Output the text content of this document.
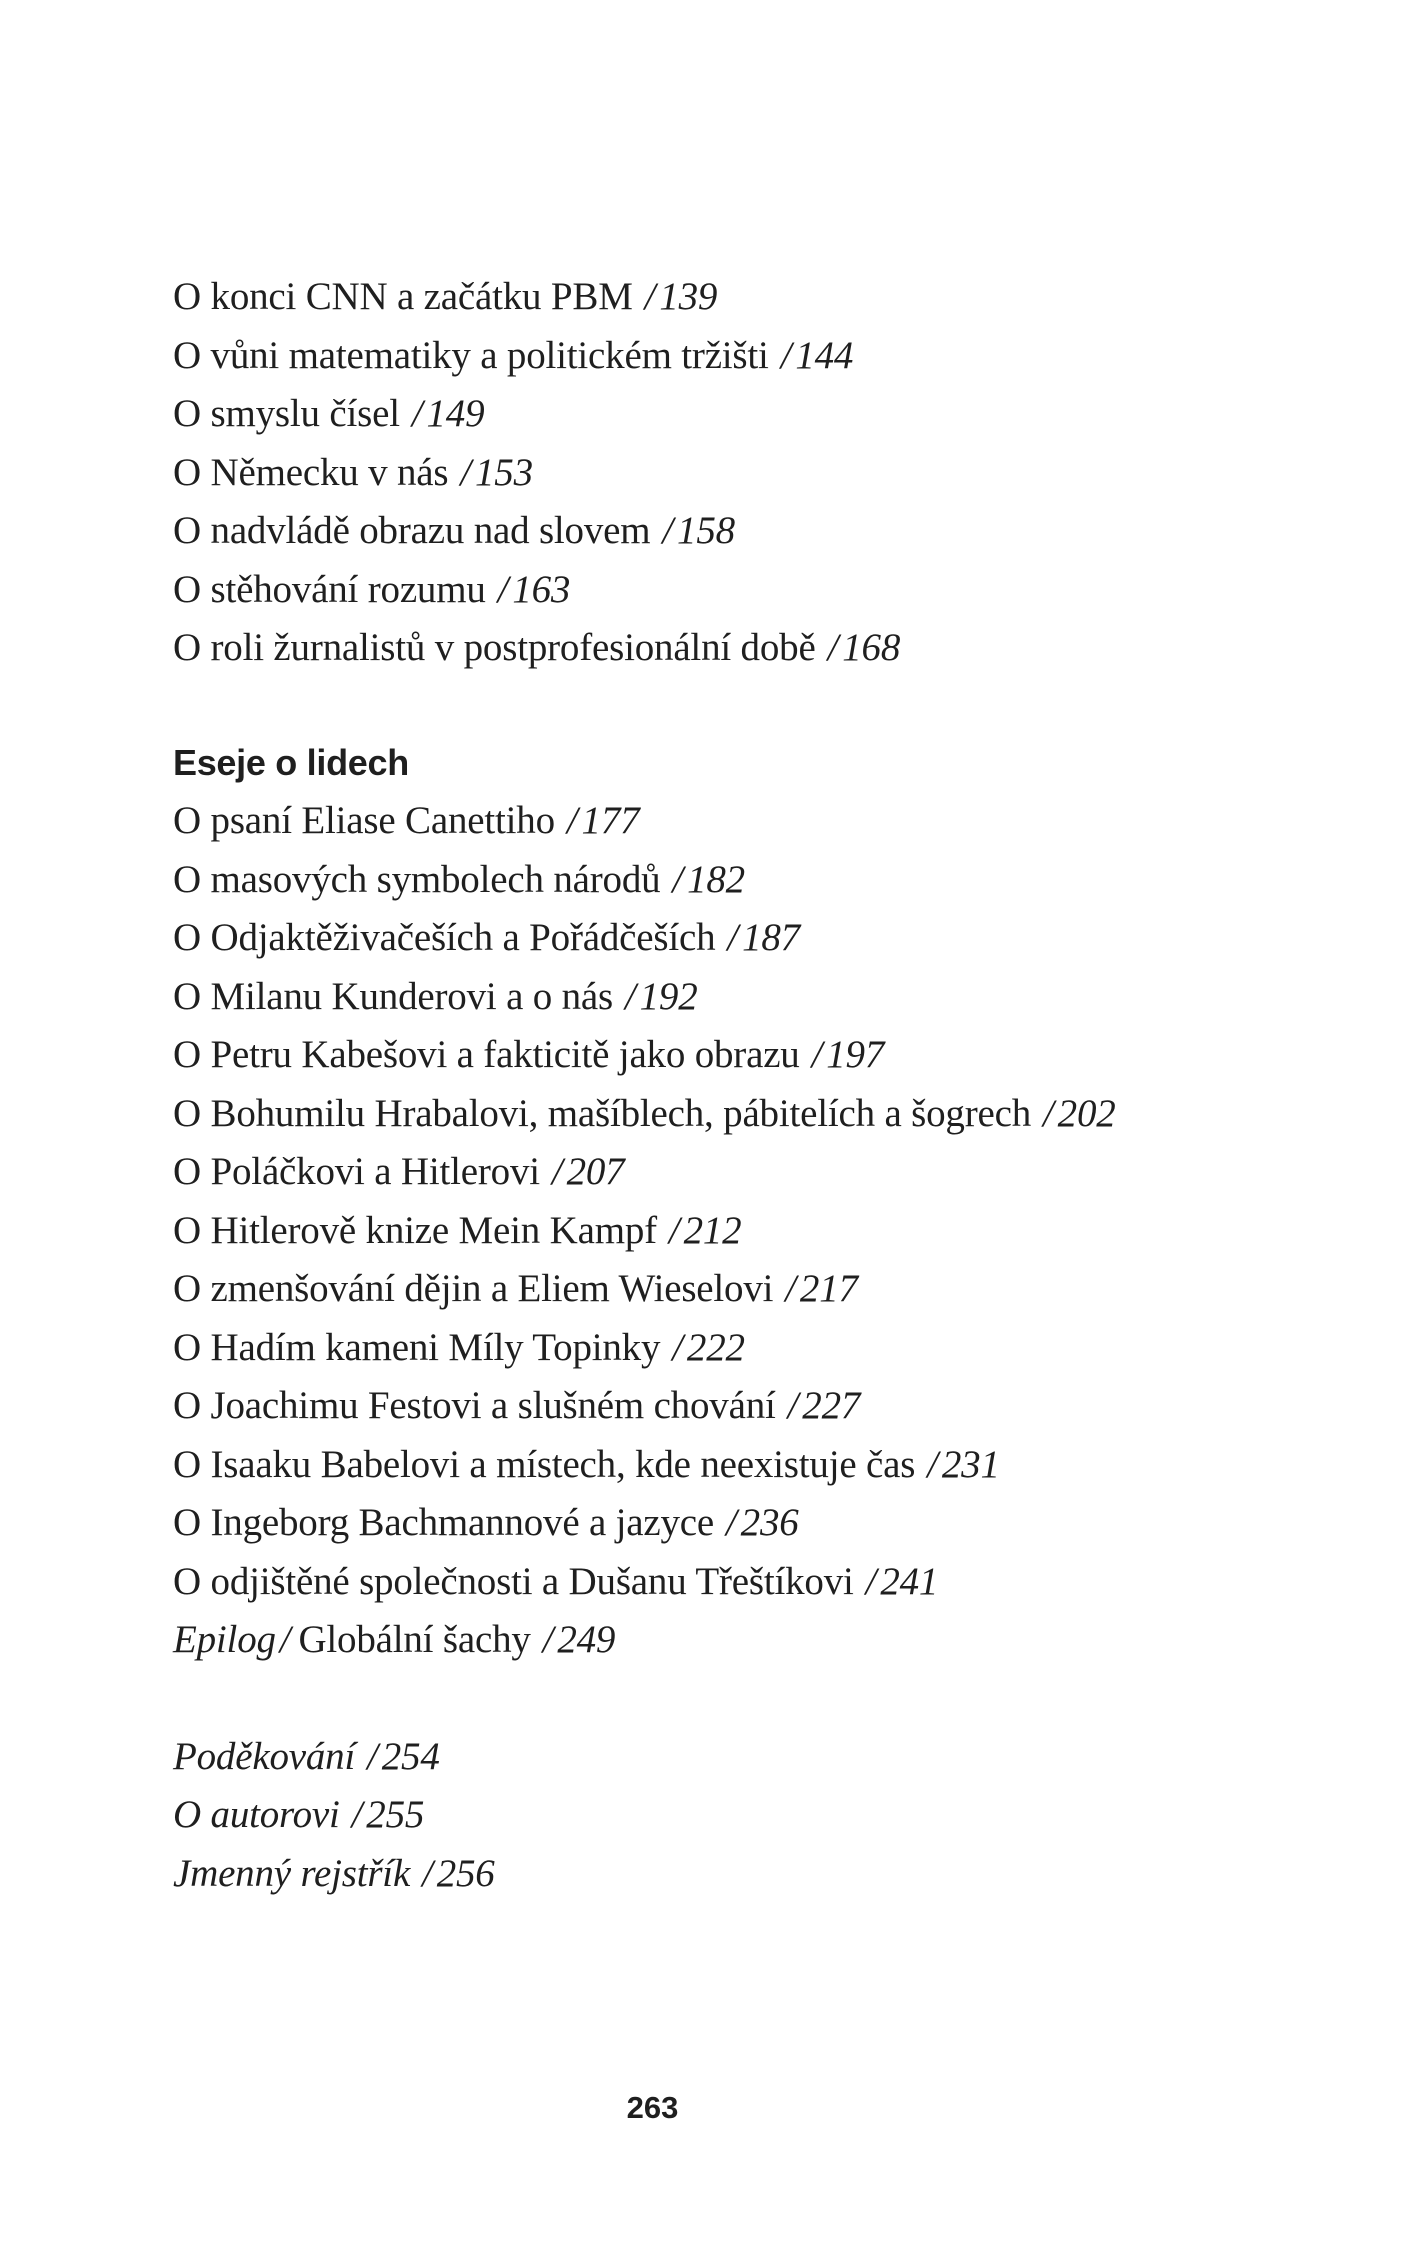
O konci CNN a začátku PBM / 139
O vůni matematiky a politickém tržišti / 144
O smyslu čísel / 149
O Německu v nás / 153
O nadvládě obrazu nad slovem / 158
O stěhování rozumu / 163
O roli žurnalistů v postprofesionální době / 168
Eseje o lidech
O psaní Eliase Canettiho / 177
O masových symbolech národů / 182
O Odjaktěživačeších a Pořádčeších / 187
O Milanu Kunderovi a o nás / 192
O Petru Kabešovi a fakticitě jako obrazu / 197
O Bohumilu Hrabalovi, mašíblech, pábitelích a šogrech / 202
O Poláčkovi a Hitlerovi / 207
O Hitlerově knize Mein Kampf / 212
O zmenšování dějin a Eliem Wieselovi / 217
O Hadím kameni Míly Topinky / 222
O Joachimu Festovi a slušném chování / 227
O Isaaku Babelovi a místech, kde neexistuje čas / 231
O Ingeborg Bachmannové a jazyce / 236
O odjištěné společnosti a Dušanu Třeštíkovi / 241
Epilog / Globální šachy / 249
Poděkování / 254
O autorovi / 255
Jmenný rejstřík / 256
263
